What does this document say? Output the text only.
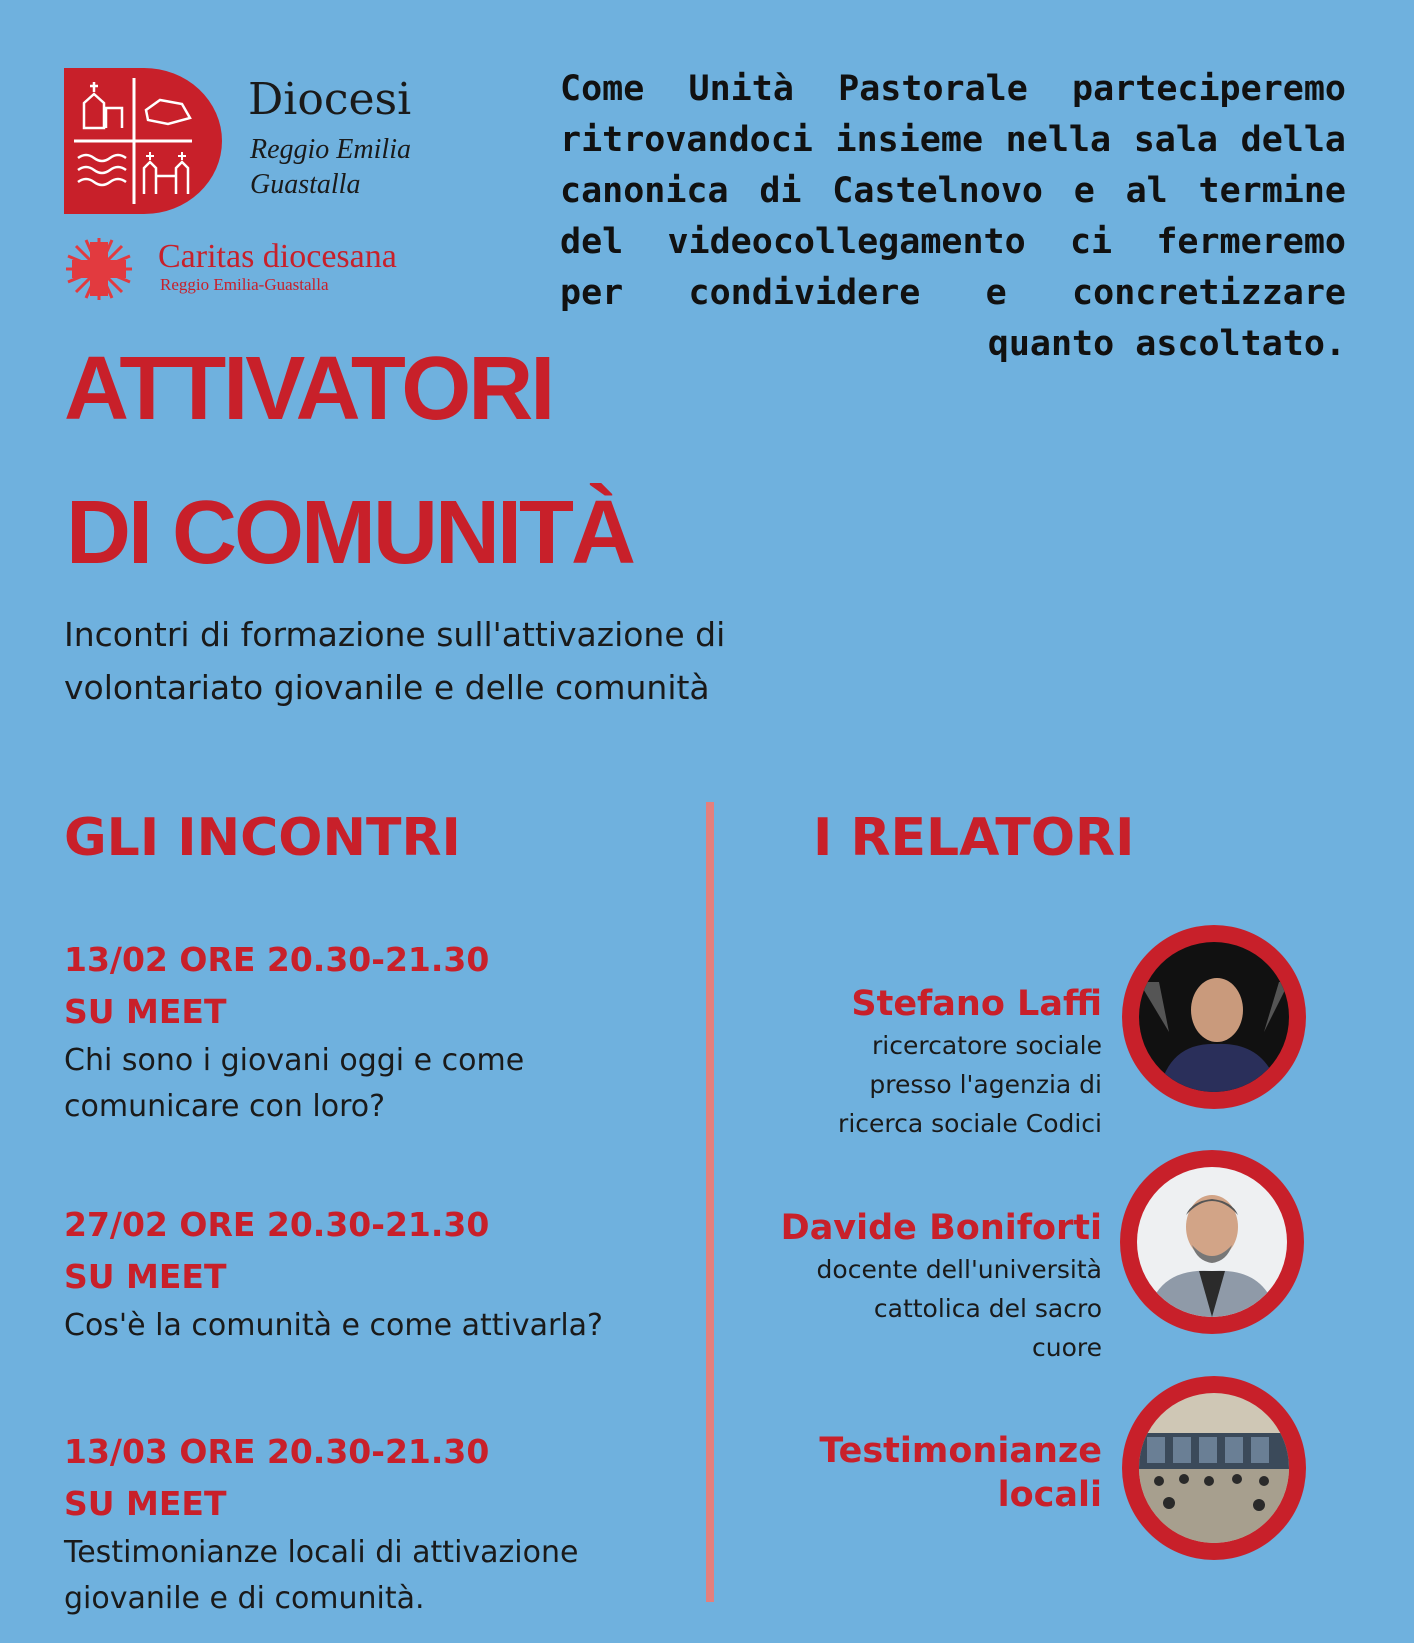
Diocesi
Reggio Emilia
Guastalla
Caritas diocesana
Reggio Emilia-Guastalla
Come Unità Pastorale parteciperemo ritrovandoci insieme nella sala della canonica di Castelnovo e al termine del videocollegamento ci fermeremo per condividere e concretizzare quanto ascoltato.
ATTIVATORI
DI COMUNITÀ
Incontri di formazione sull'attivazione di volontariato giovanile e delle comunità
GLI INCONTRI	I RELATORI
13/02 ORE 20.30-21.30
SU MEET
Chi sono i giovani oggi e come comunicare con loro?
27/02 ORE 20.30-21.30
SU MEET
Cos'è la comunità e come attivarla?
13/03 ORE 20.30-21.30
SU MEET
Testimonianze locali di attivazione giovanile e di comunità.
Stefano Laffi
ricercatore sociale
presso l'agenzia di
ricerca sociale Codici
Davide Boniforti
docente dell'università
cattolica del sacro
cuore
Testimonianze locali
